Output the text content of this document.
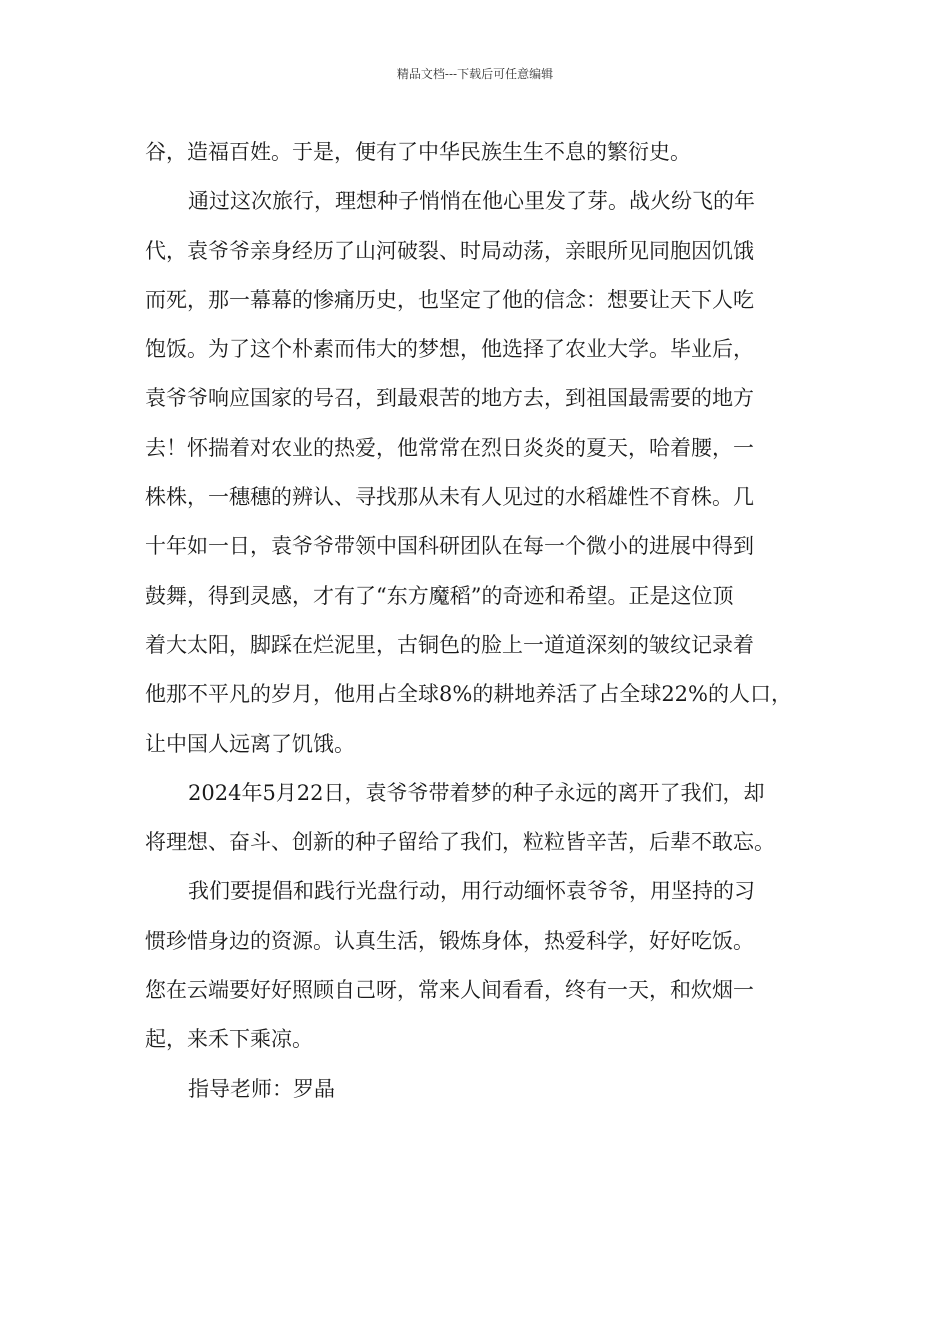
精品文档---下载后可任意编辑
谷，造福百姓。于是，便有了中华民族生生不息的繁衍史。
通过这次旅行，理想种子悄悄在他心里发了芽。战火纷飞的年
代，袁爷爷亲身经历了山河破裂、时局动荡，亲眼所见同胞因饥饿
而死，那一幕幕的惨痛历史，也坚定了他的信念：想要让天下人吃
饱饭。为了这个朴素而伟大的梦想，他选择了农业大学。毕业后，
袁爷爷响应国家的号召，到最艰苦的地方去，到祖国最需要的地方
去！怀揣着对农业的热爱，他常常在烈日炎炎的夏天，哈着腰，一
株株，一穗穗的辨认、寻找那从未有人见过的水稻雄性不育株。几
十年如一日，袁爷爷带领中国科研团队在每一个微小的进展中得到
鼓舞，得到灵感，才有了“东方魔稻”的奇迹和希望。正是这位顶
着大太阳，脚踩在烂泥里，古铜色的脸上一道道深刻的皱纹记录着
他那不平凡的岁月，他用占全球8%的耕地养活了占全球22%的人口，
让中国人远离了饥饿。
2024年5月22日，袁爷爷带着梦的种子永远的离开了我们，却
将理想、奋斗、创新的种子留给了我们，粒粒皆辛苦，后辈不敢忘。
我们要提倡和践行光盘行动，用行动缅怀袁爷爷，用坚持的习
惯珍惜身边的资源。认真生活，锻炼身体，热爱科学，好好吃饭。
您在云端要好好照顾自己呀，常来人间看看，终有一天，和炊烟一
起，来禾下乘凉。
指导老师：罗晶
